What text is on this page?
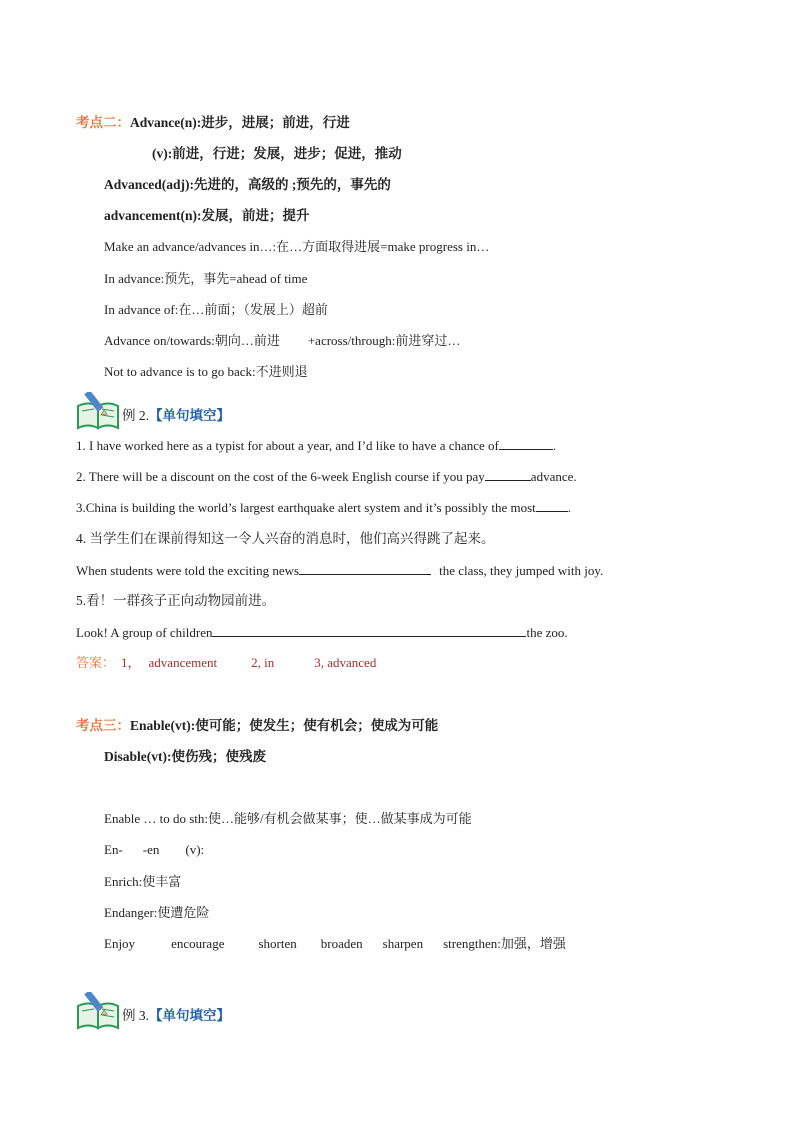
考点二：Advance(n):进步，进展；前进，行进
(v):前进，行进；发展，进步；促进，推动
Advanced(adj):先进的，高级的 ;预先的，事先的
advancement(n):发展，前进；提升
Make an advance/advances in…:在…方面取得进展=make progress in…
In advance:预先，事先=ahead of time
In advance of:在…前面；（发展上）超前
Advance on/towards:朝向…前进 +across/through:前进穿过…
Not to advance is to go back:不进则退
例 2.【单句填空】
1. I have worked here as a typist for about a year, and I’d like to have a chance of	.
2. There will be a discount on the cost of the 6-week English course if you pay	advance.
3.China is building the world’s largest earthquake alert system and it’s possibly the most .
4. 当学生们在课前得知这一令人兴奋的消息时，他们高兴得跳了起来。
When students were told the exciting news	the class, they jumped with joy.
5.看！一群孩子正向动物园前进。
Look! A group of children	the zoo.
答案： 1， advancement	2, in	3, advanced
考点三：Enable(vt):使可能；使发生；使有机会；使成为可能
Disable(vt):使伤残；使残废
Enable … to do sth:使…能够/有机会做某事；使…做某事成为可能
En- -en (v):
Enrich:使丰富
Endanger:使遭危险
Enjoy	encourage	shorten broaden sharpen strengthen:加强，增强
例 3.【单句填空】
